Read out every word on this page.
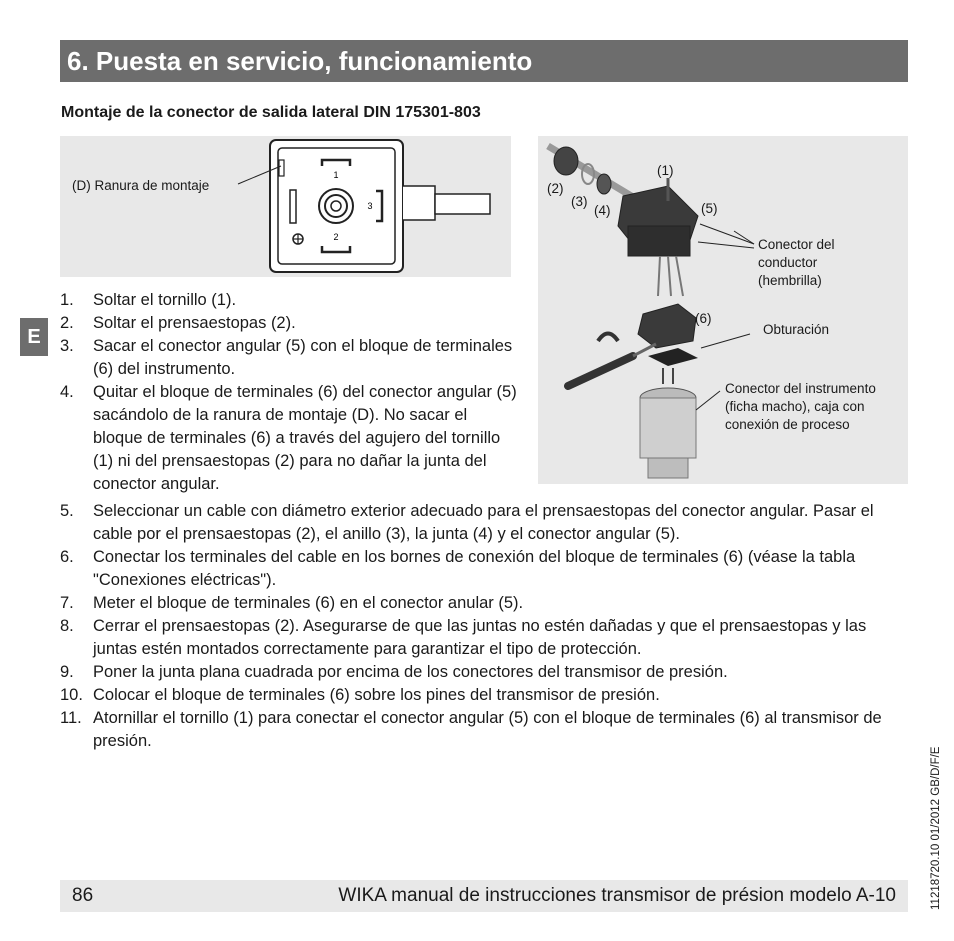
6. Puesta en servicio, funcionamiento
Montaje de la conector de salida lateral DIN 175301-803
1
2
3
(D) Ranura de montaje
(1)
(2)
(3)
(4)	(5)
Conector del
conductor
(hembrilla)
(6)
Obturación
Conector del instrumento
(ficha macho), caja con
conexión de proceso
E
1. Soltar el tornillo (1).
2. Soltar el prensaestopas (2).
3. Sacar el conector angular (5) con el bloque de terminales (6) del instrumento.
4. Quitar el bloque de terminales (6) del conector angular (5) sacándolo de la ranura de montaje (D). No sacar el bloque de terminales (6) a través del agujero del tornillo (1) ni del prensaestopas (2) para no dañar la junta del conector angular.
5. Seleccionar un cable con diámetro exterior adecuado para el prensaestopas del conector angular. Pasar el cable por el prensaestopas (2), el anillo (3), la junta (4) y el conector angular (5).
6. Conectar los terminales del cable en los bornes de conexión del bloque de terminales (6) (véase la tabla "Conexiones eléctricas").
7. Meter el bloque de terminales (6) en el conector anular (5).
8. Cerrar el prensaestopas (2). Asegurarse de que las juntas no estén dañadas y que el prensaestopas y las juntas estén montados correctamente para garantizar el tipo de protección.
9. Poner la junta plana cuadrada por encima de los conectores del transmisor de presión.
10. Colocar el bloque de terminales (6) sobre los pines del transmisor de presión.
11. Atornillar el tornillo (1) para conectar el conector angular (5) con el bloque de terminales (6) al transmisor de presión.
11218720.10 01/2012 GB/D/F/E
86	WIKA manual de instrucciones transmisor de présion modelo A-10
